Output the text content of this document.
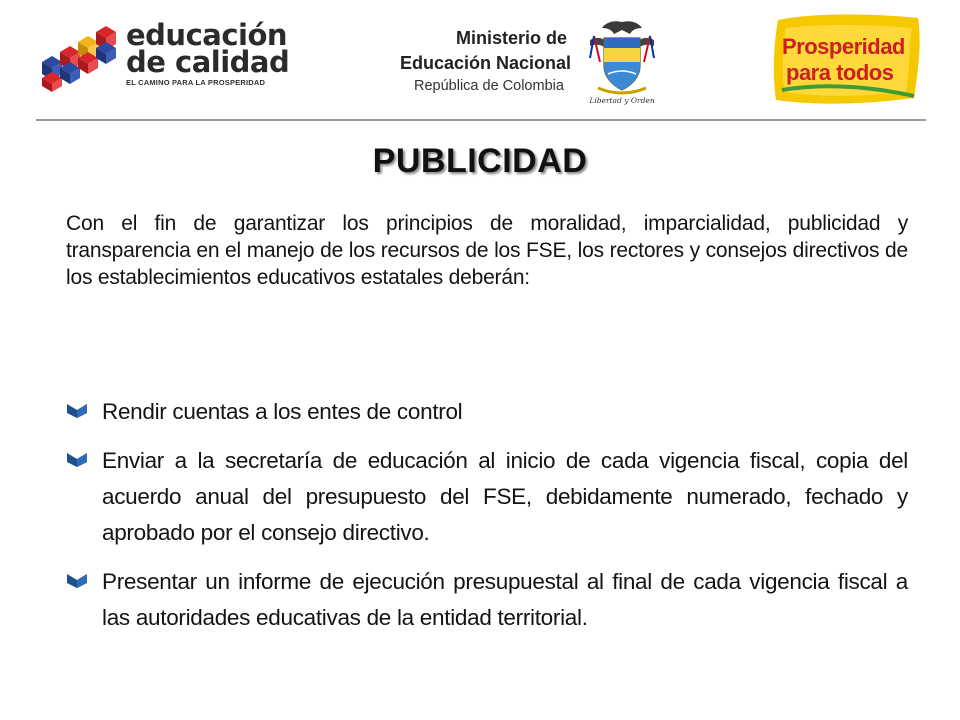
educación
de calidad
EL CAMINO PARA LA PROSPERIDAD
Ministerio de
Educación Nacional
República de Colombia
Libertad y Orden
Prosperidad
para todos
PUBLICIDAD
Con el fin de garantizar los principios de moralidad, imparcialidad, publicidad y transparencia en el manejo de los recursos de los FSE, los rectores y consejos directivos de los establecimientos educativos estatales deberán:
Rendir cuentas a los entes de control
Enviar a la secretaría de educación al inicio de cada vigencia fiscal, copia del acuerdo anual del presupuesto del FSE, debidamente numerado, fechado y aprobado por el consejo directivo.
Presentar un informe de ejecución presupuestal al final de cada vigencia fiscal a las autoridades educativas de la entidad territorial.
